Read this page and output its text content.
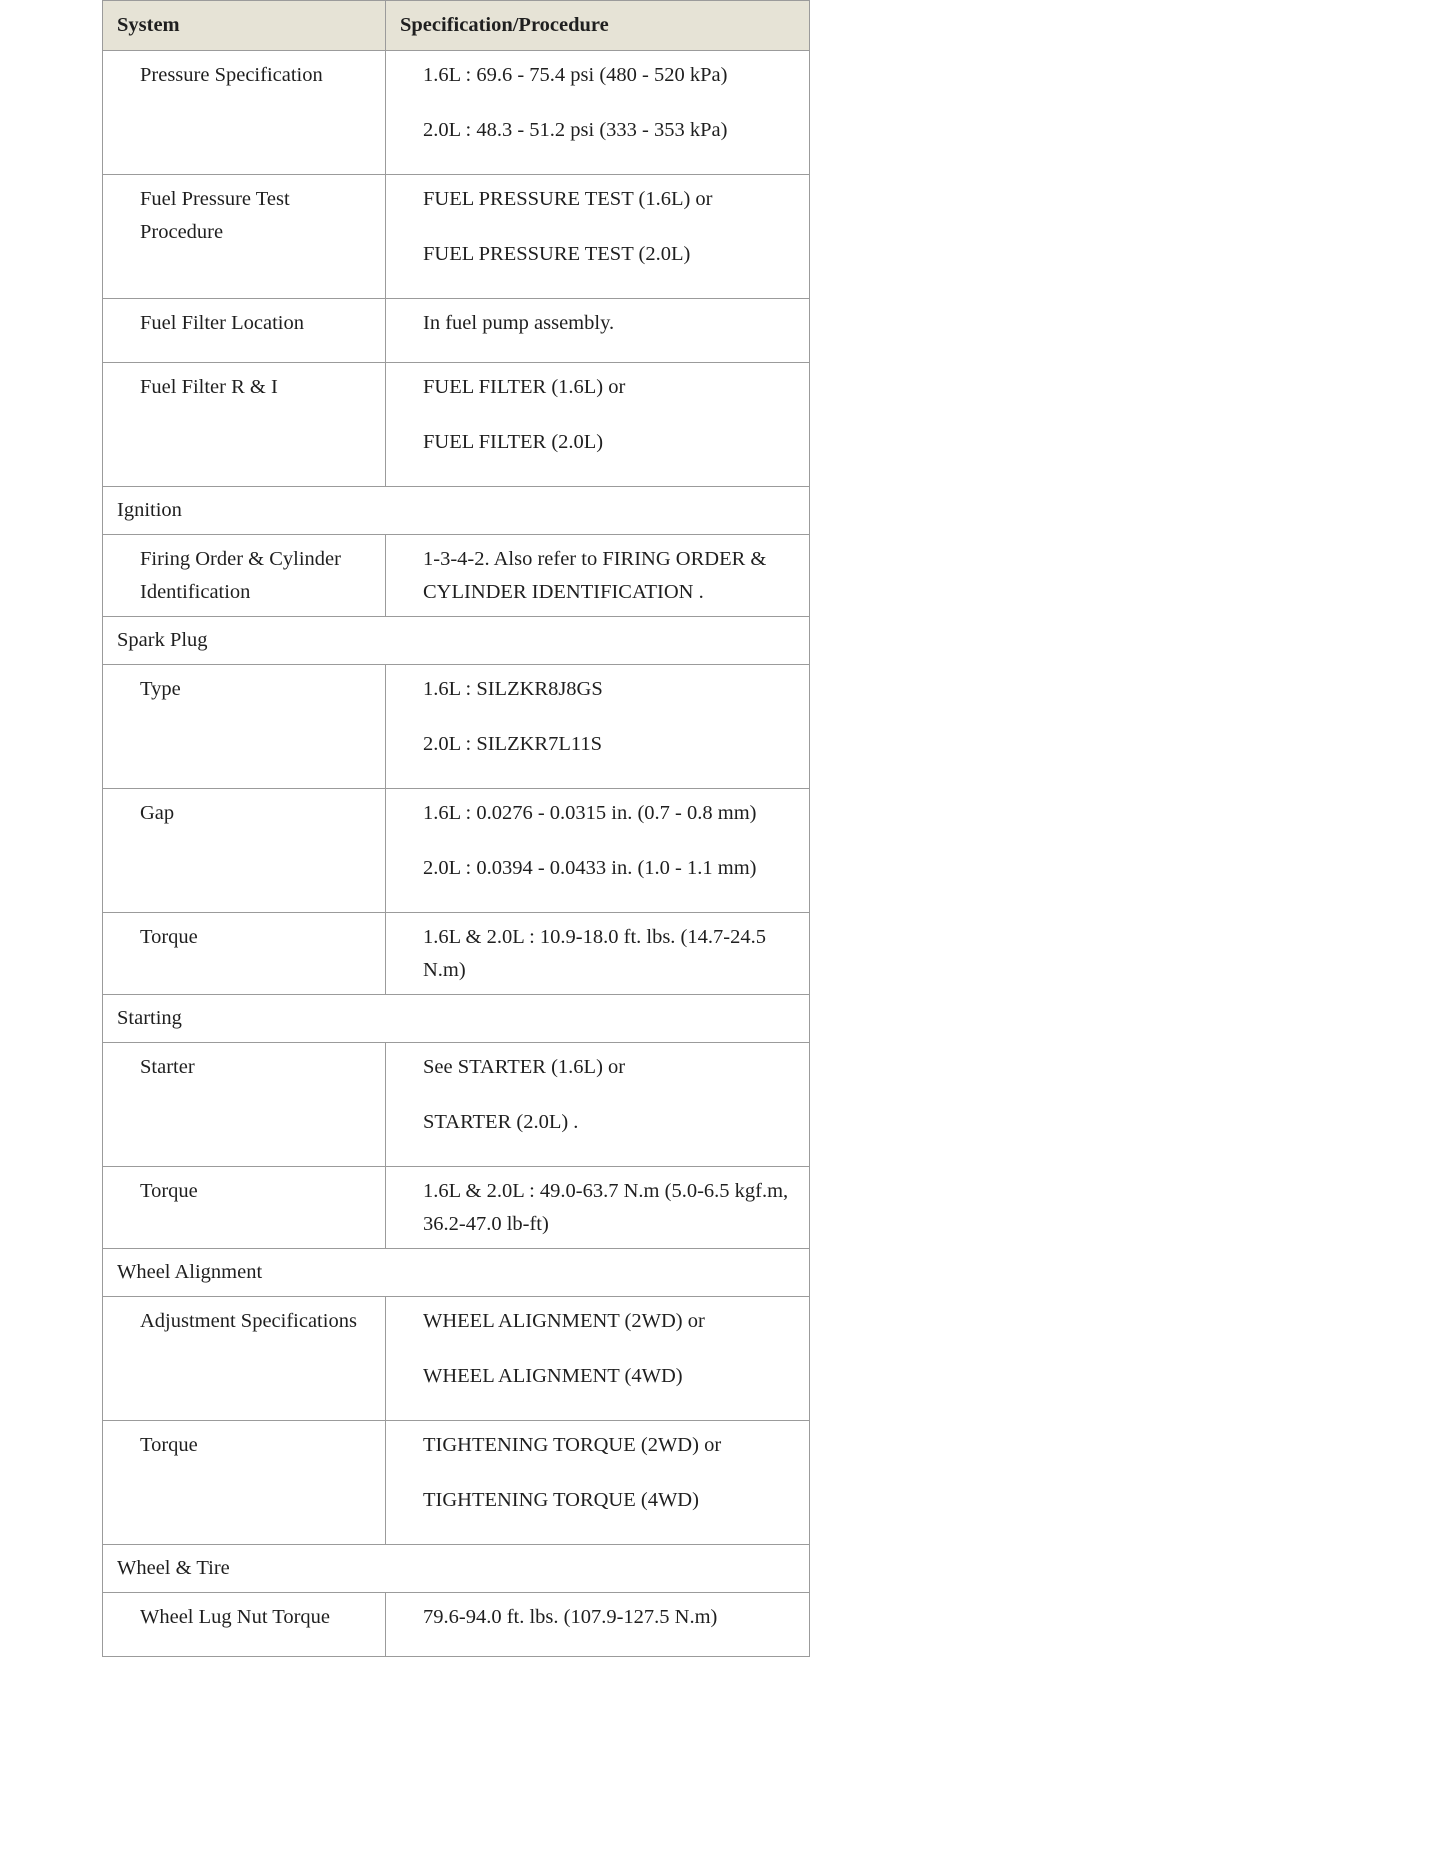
System	Specification/Procedure
Pressure Specification	1.6L : 69.6 - 75.4 psi (480 - 520 kPa)
2.0L : 48.3 - 51.2 psi (333 - 353 kPa)

Fuel Pressure Test Procedure	FUEL PRESSURE TEST (1.6L) or
FUEL PRESSURE TEST (2.0L)

Fuel Filter Location	In fuel pump assembly.

Fuel Filter R & I	FUEL FILTER (1.6L) or
FUEL FILTER (2.0L)

Ignition	
Firing Order & Cylinder Identification	1-3-4-2. Also refer to FIRING ORDER & CYLINDER IDENTIFICATION .

Spark Plug	
Type	1.6L : SILZKR8J8GS
2.0L : SILZKR7L11S

Gap	1.6L : 0.0276 - 0.0315 in. (0.7 - 0.8 mm)
2.0L : 0.0394 - 0.0433 in. (1.0 - 1.1 mm)

Torque	1.6L & 2.0L : 10.9-18.0 ft. lbs. (14.7-24.5 N.m)

Starting	
Starter	See STARTER (1.6L) or
STARTER (2.0L) .

Torque	1.6L & 2.0L : 49.0-63.7 N.m (5.0-6.5 kgf.m, 36.2-47.0 lb-ft)

Wheel Alignment	
Adjustment Specifications	WHEEL ALIGNMENT (2WD) or
WHEEL ALIGNMENT (4WD)

Torque	TIGHTENING TORQUE (2WD) or
TIGHTENING TORQUE (4WD)

Wheel & Tire	
Wheel Lug Nut Torque	79.6-94.0 ft. lbs. (107.9-127.5 N.m)
